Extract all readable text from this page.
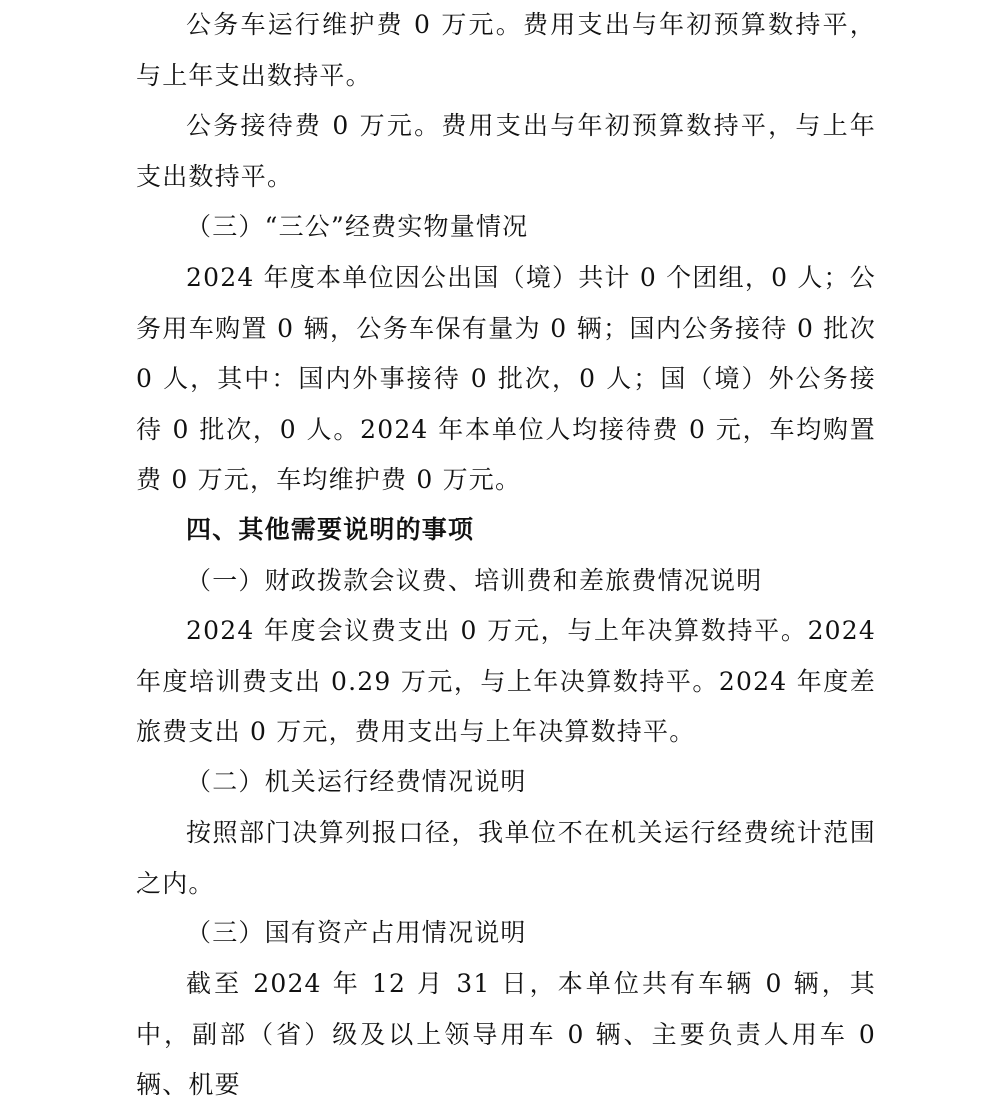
公务车运行维护费 0 万元。费用支出与年初预算数持平，与上年支出数持平。

公务接待费 0 万元。费用支出与年初预算数持平，与上年支出数持平。

（三）“三公”经费实物量情况

2024 年度本单位因公出国（境）共计 0 个团组，0 人；公务用车购置 0 辆，公务车保有量为 0 辆；国内公务接待 0 批次 0 人，其中：国内外事接待 0 批次，0 人；国（境）外公务接待 0 批次，0 人。2024 年本单位人均接待费 0 元，车均购置费 0 万元，车均维护费 0 万元。

四、其他需要说明的事项

（一）财政拨款会议费、培训费和差旅费情况说明

2024 年度会议费支出 0 万元，与上年决算数持平。2024 年度培训费支出 0.29 万元，与上年决算数持平。2024 年度差旅费支出 0 万元，费用支出与上年决算数持平。

（二）机关运行经费情况说明

按照部门决算列报口径，我单位不在机关运行经费统计范围之内。

（三）国有资产占用情况说明

截至 2024 年 12 月 31 日，本单位共有车辆 0 辆，其中，副部（省）级及以上领导用车 0 辆、主要负责人用车 0 辆、机要
